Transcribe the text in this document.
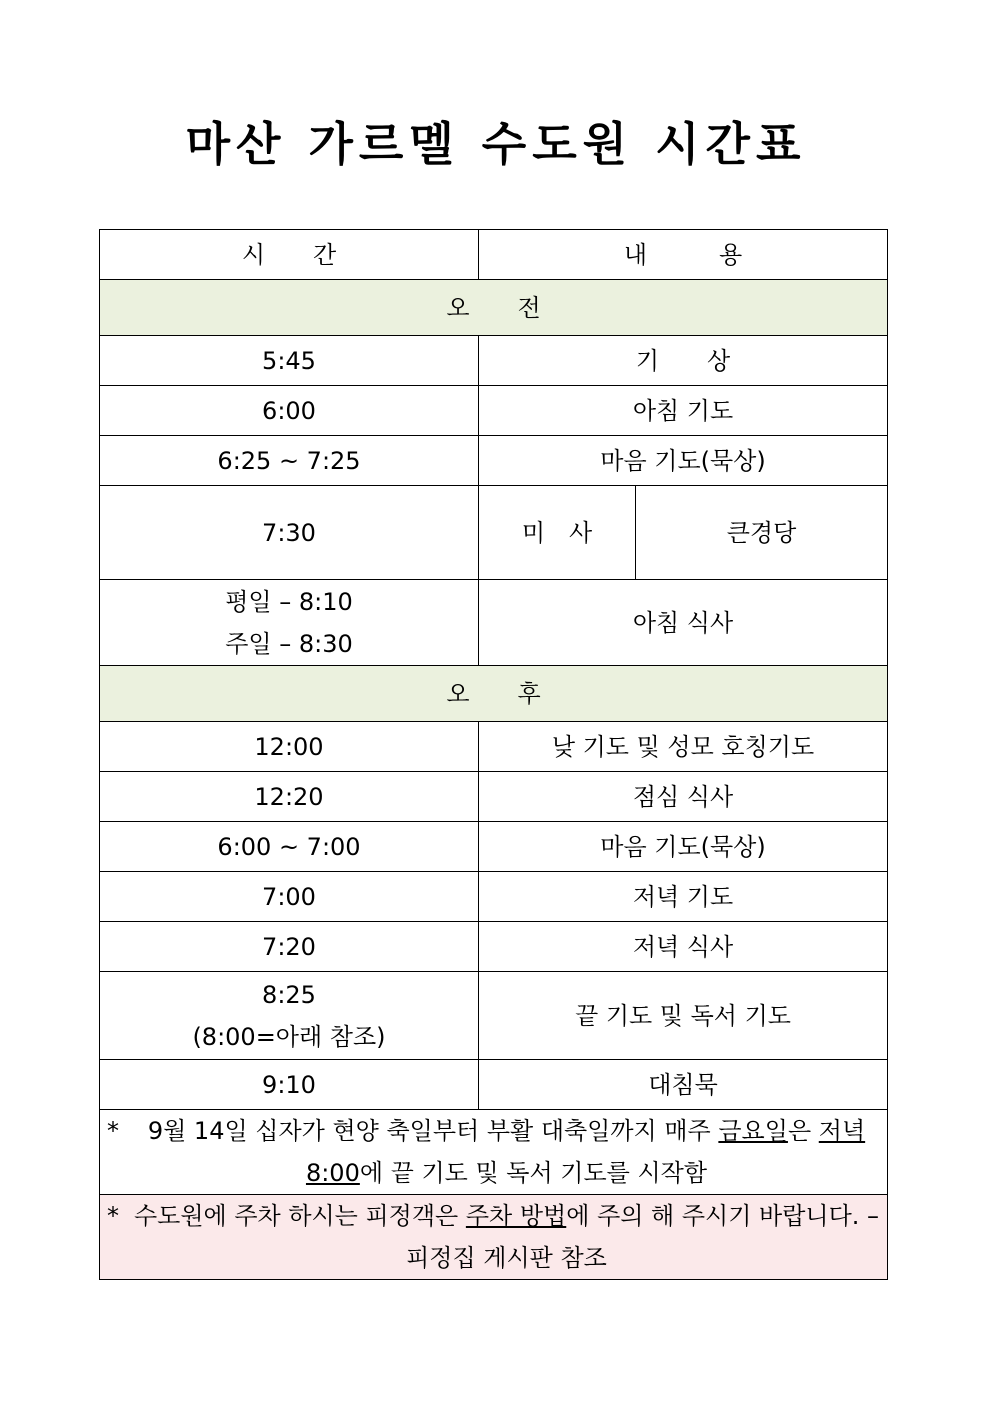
마산 가르멜 수도원 시간표
시　　간	내　　　용	
오　　전		
5:45	기　　상	
6:00	아침 기도	
6:25 ~ 7:25	마음 기도(묵상)	
7:30	미　사	큰경당

평일 – 8:10
주일 – 8:30	아침 식사	
오　　후		
12:00	낮 기도 및 성모 호칭기도	
12:20	점심 식사	
6:00 ~ 7:00	마음 기도(묵상)	
7:00	저녁 기도	
7:20	저녁 식사	

8:25
(8:00=아래 참조)	끝 기도 및 독서 기도	
9:10	대침묵	

* 9월 14일 십자가 현양 축일부터 부활 대축일까지 매주 금요일은 저녁 8:00에 끝 기도 및 독서 기도를 시작함		

* 수도원에 주차 하시는 피정객은 주차 방법에 주의 해 주시기 바랍니다. – 피정집 게시판 참조		
